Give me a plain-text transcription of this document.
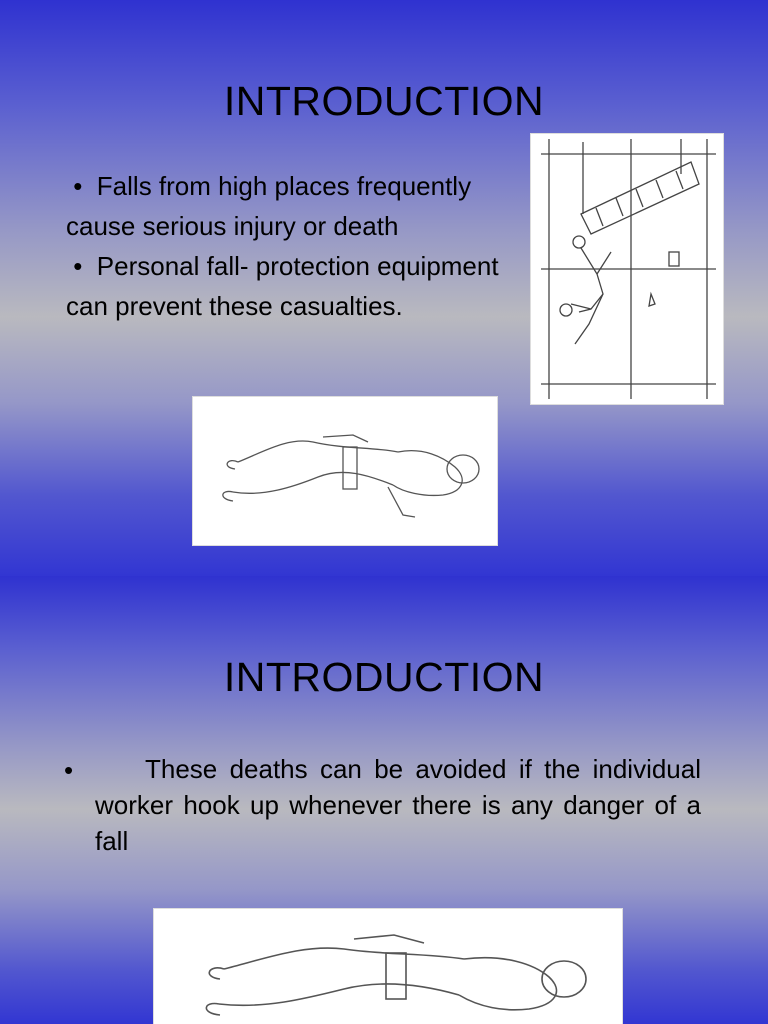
INTRODUCTION

• Falls from high places frequently cause serious injury or death

• Personal fall- protection equipment can prevent these casualties.

INTRODUCTION
•	These deaths can be avoided if the individual worker hook up whenever there is any danger of a fall
